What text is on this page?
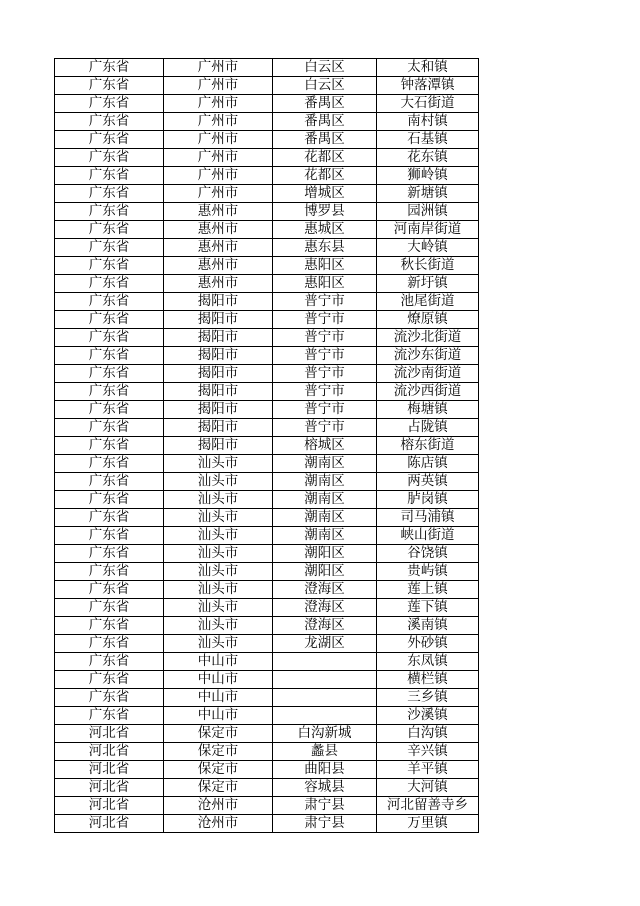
广东省	广州市	白云区	太和镇
广东省	广州市	白云区	钟落潭镇
广东省	广州市	番禺区	大石街道
广东省	广州市	番禺区	南村镇
广东省	广州市	番禺区	石基镇
广东省	广州市	花都区	花东镇
广东省	广州市	花都区	狮岭镇
广东省	广州市	增城区	新塘镇
广东省	惠州市	博罗县	园洲镇
广东省	惠州市	惠城区	河南岸街道
广东省	惠州市	惠东县	大岭镇
广东省	惠州市	惠阳区	秋长街道
广东省	惠州市	惠阳区	新圩镇
广东省	揭阳市	普宁市	池尾街道
广东省	揭阳市	普宁市	燎原镇
广东省	揭阳市	普宁市	流沙北街道
广东省	揭阳市	普宁市	流沙东街道
广东省	揭阳市	普宁市	流沙南街道
广东省	揭阳市	普宁市	流沙西街道
广东省	揭阳市	普宁市	梅塘镇
广东省	揭阳市	普宁市	占陇镇
广东省	揭阳市	榕城区	榕东街道
广东省	汕头市	潮南区	陈店镇
广东省	汕头市	潮南区	两英镇
广东省	汕头市	潮南区	胪岗镇
广东省	汕头市	潮南区	司马浦镇
广东省	汕头市	潮南区	峡山街道
广东省	汕头市	潮阳区	谷饶镇
广东省	汕头市	潮阳区	贵屿镇
广东省	汕头市	澄海区	莲上镇
广东省	汕头市	澄海区	莲下镇
广东省	汕头市	澄海区	溪南镇
广东省	汕头市	龙湖区	外砂镇
广东省	中山市		东凤镇
广东省	中山市		横栏镇
广东省	中山市		三乡镇
广东省	中山市		沙溪镇
河北省	保定市	白沟新城	白沟镇
河北省	保定市	蠡县	辛兴镇
河北省	保定市	曲阳县	羊平镇
河北省	保定市	容城县	大河镇
河北省	沧州市	肃宁县	河北留善寺乡
河北省	沧州市	肃宁县	万里镇
